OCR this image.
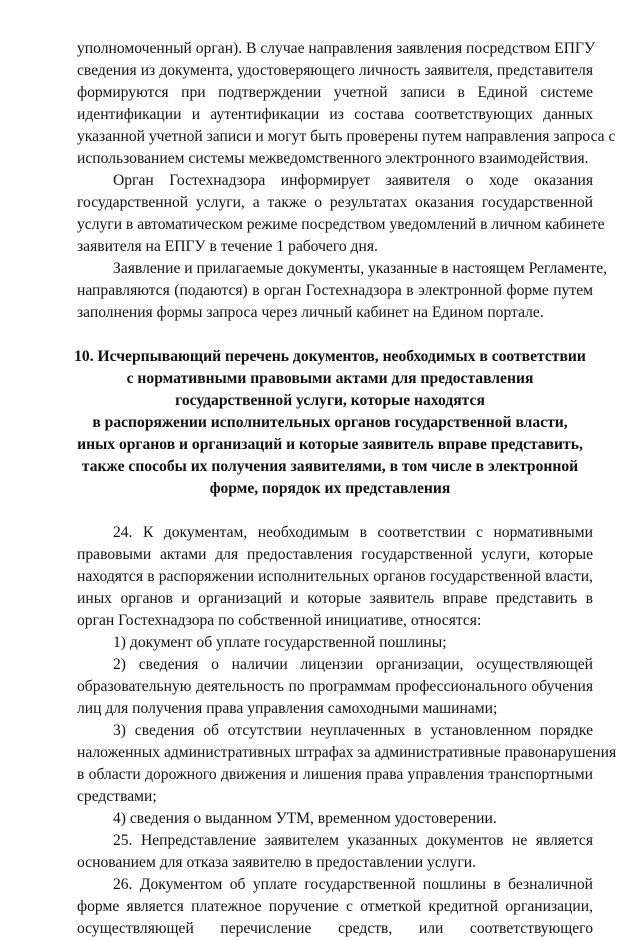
уполномоченный орган). В случае направления заявления посредством ЕПГУ
сведения из документа, удостоверяющего личность заявителя, представителя
формируются при подтверждении учетной записи в Единой системе
идентификации и аутентификации из состава соответствующих данных
указанной учетной записи и могут быть проверены путем направления запроса с
использованием системы межведомственного электронного взаимодействия.
Орган Гостехнадзора информирует заявителя о ходе оказания
государственной услуги, а также о результатах оказания государственной
услуги в автоматическом режиме посредством уведомлений в личном кабинете
заявителя на ЕПГУ в течение 1 рабочего дня.
Заявление и прилагаемые документы, указанные в настоящем Регламенте,
направляются (подаются) в орган Гостехнадзора в электронной форме путем
заполнения формы запроса через личный кабинет на Едином портале.
10. Исчерпывающий перечень документов, необходимых в соответствии
с нормативными правовыми актами для предоставления
государственной услуги, которые находятся
в распоряжении исполнительных органов государственной власти,
иных органов и организаций и которые заявитель вправе представить,
также способы их получения заявителями, в том числе в электронной
форме, порядок их представления
24. К документам, необходимым в соответствии с нормативными
правовыми актами для предоставления государственной услуги, которые
находятся в распоряжении исполнительных органов государственной власти,
иных органов и организаций и которые заявитель вправе представить в
орган Гостехнадзора по собственной инициативе, относятся:
1) документ об уплате государственной пошлины;
2) сведения о наличии лицензии организации, осуществляющей
образовательную деятельность по программам профессионального обучения
лиц для получения права управления самоходными машинами;
3) сведения об отсутствии неуплаченных в установленном порядке
наложенных административных штрафах за административные правонарушения
в области дорожного движения и лишения права управления транспортными
средствами;
4) сведения о выданном УТМ, временном удостоверении.
25. Непредставление заявителем указанных документов не является
основанием для отказа заявителю в предоставлении услуги.
26. Документом об уплате государственной пошлины в безналичной
форме является платежное поручение с отметкой кредитной организации,
осуществляющей перечисление средств, или соответствующего
